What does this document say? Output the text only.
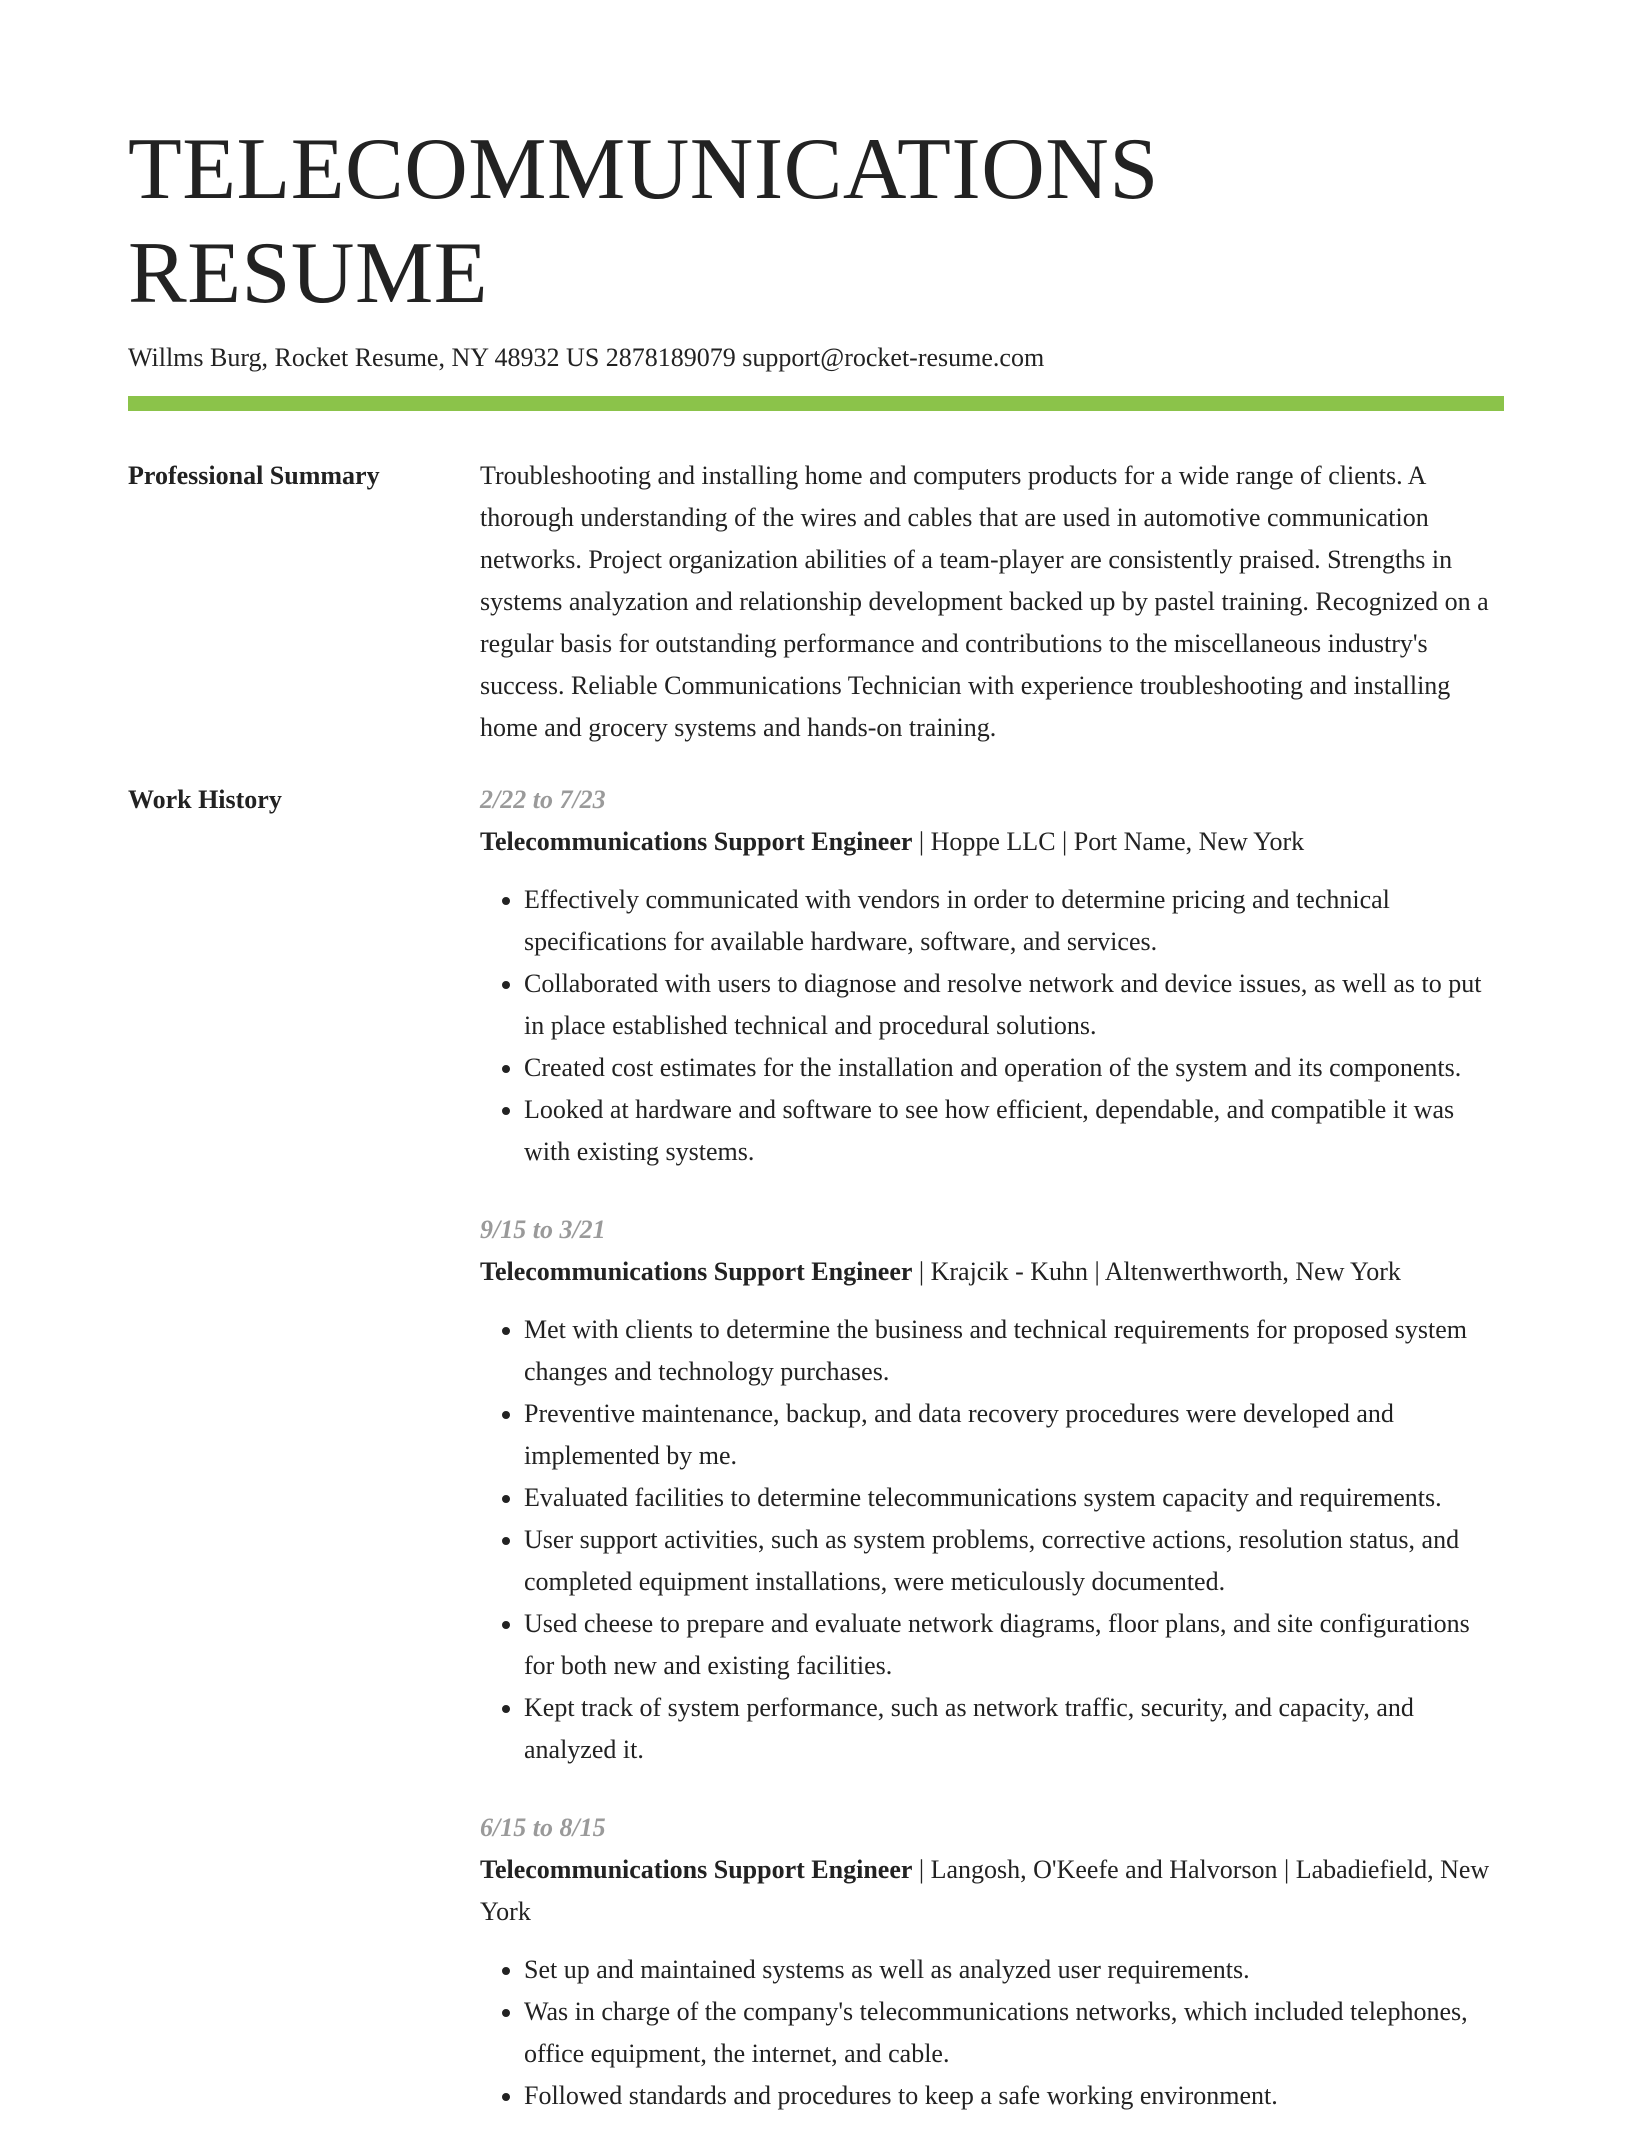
TELECOMMUNICATIONS RESUME
Willms Burg, Rocket Resume, NY 48932 US 2878189079 support@rocket-resume.com
Professional Summary	Troubleshooting and installing home and computers products for a wide range of clients. A thorough understanding of the wires and cables that are used in automotive communication networks. Project organization abilities of a team-player are consistently praised. Strengths in systems analyzation and relationship development backed up by pastel training. Recognized on a regular basis for outstanding performance and contributions to the miscellaneous industry's success. Reliable Communications Technician with experience troubleshooting and installing home and grocery systems and hands-on training.

Work History	2/22 to 7/23
Telecommunications Support Engineer | Hoppe LLC | Port Name, New York
• Effectively communicated with vendors in order to determine pricing and technical specifications for available hardware, software, and services.
• Collaborated with users to diagnose and resolve network and device issues, as well as to put in place established technical and procedural solutions.
• Created cost estimates for the installation and operation of the system and its components.
• Looked at hardware and software to see how efficient, dependable, and compatible it was with existing systems.
9/15 to 3/21
Telecommunications Support Engineer | Krajcik - Kuhn | Altenwerthworth, New York
• Met with clients to determine the business and technical requirements for proposed system changes and technology purchases.
• Preventive maintenance, backup, and data recovery procedures were developed and implemented by me.
• Evaluated facilities to determine telecommunications system capacity and requirements.
• User support activities, such as system problems, corrective actions, resolution status, and completed equipment installations, were meticulously documented.
• Used cheese to prepare and evaluate network diagrams, floor plans, and site configurations for both new and existing facilities.
• Kept track of system performance, such as network traffic, security, and capacity, and analyzed it.
6/15 to 8/15
Telecommunications Support Engineer | Langosh, O'Keefe and Halvorson | Labadiefield, New York
• Set up and maintained systems as well as analyzed user requirements.
• Was in charge of the company's telecommunications networks, which included telephones, office equipment, the internet, and cable.
• Followed standards and procedures to keep a safe working environment.
